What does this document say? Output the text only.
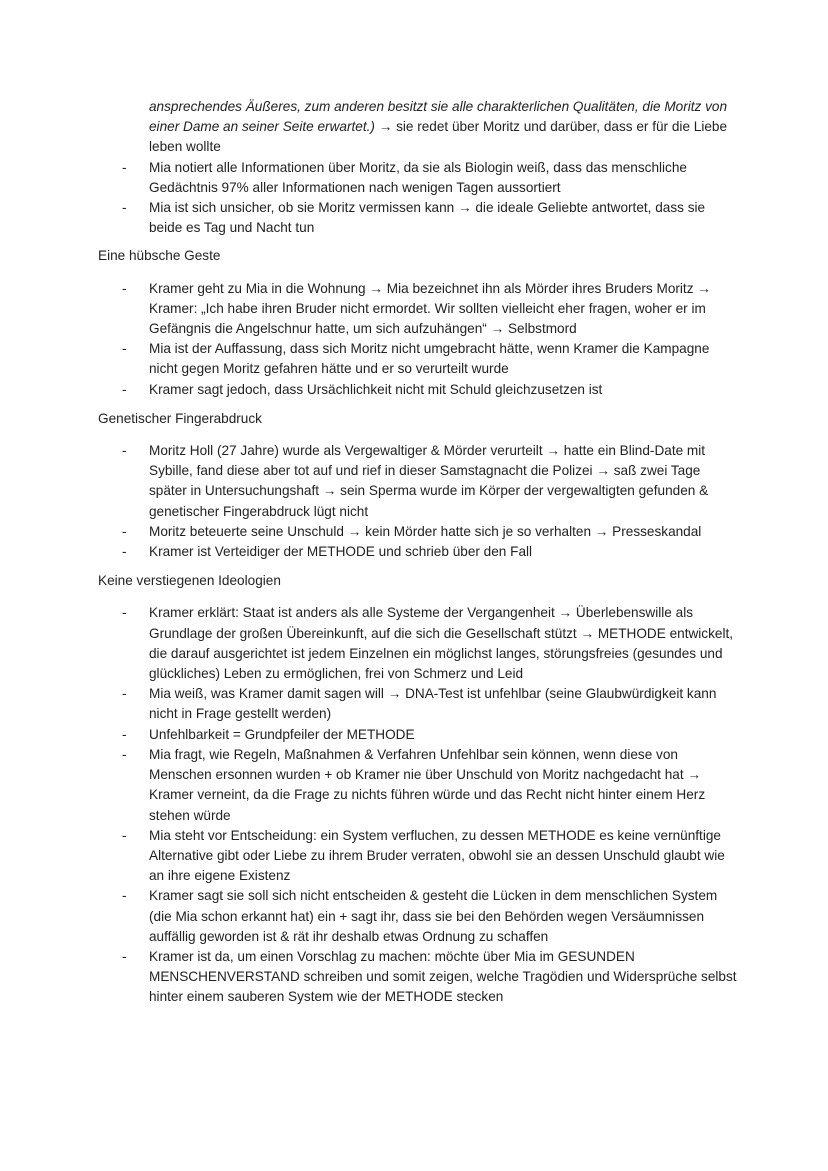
ansprechendes Äußeres, zum anderen besitzt sie alle charakterlichen Qualitäten, die Moritz von einer Dame an seiner Seite erwartet.) → sie redet über Moritz und darüber, dass er für die Liebe leben wollte
- Mia notiert alle Informationen über Moritz, da sie als Biologin weiß, dass das menschliche Gedächtnis 97% aller Informationen nach wenigen Tagen aussortiert
- Mia ist sich unsicher, ob sie Moritz vermissen kann → die ideale Geliebte antwortet, dass sie beide es Tag und Nacht tun
Eine hübsche Geste
- Kramer geht zu Mia in die Wohnung → Mia bezeichnet ihn als Mörder ihres Bruders Moritz → Kramer: „Ich habe ihren Bruder nicht ermordet. Wir sollten vielleicht eher fragen, woher er im Gefängnis die Angelschnur hatte, um sich aufzuhängen“ → Selbstmord
- Mia ist der Auffassung, dass sich Moritz nicht umgebracht hätte, wenn Kramer die Kampagne nicht gegen Moritz gefahren hätte und er so verurteilt wurde
- Kramer sagt jedoch, dass Ursächlichkeit nicht mit Schuld gleichzusetzen ist
Genetischer Fingerabdruck
- Moritz Holl (27 Jahre) wurde als Vergewaltiger & Mörder verurteilt → hatte ein Blind-Date mit Sybille, fand diese aber tot auf und rief in dieser Samstagnacht die Polizei → saß zwei Tage später in Untersuchungshaft → sein Sperma wurde im Körper der vergewaltigten gefunden & genetischer Fingerabdruck lügt nicht
- Moritz beteuerte seine Unschuld → kein Mörder hatte sich je so verhalten → Presseskandal
- Kramer ist Verteidiger der METHODE und schrieb über den Fall
Keine verstiegenen Ideologien
- Kramer erklärt: Staat ist anders als alle Systeme der Vergangenheit → Überlebenswille als Grundlage der großen Übereinkunft, auf die sich die Gesellschaft stützt → METHODE entwickelt, die darauf ausgerichtet ist jedem Einzelnen ein möglichst langes, störungsfreies (gesundes und glückliches) Leben zu ermöglichen, frei von Schmerz und Leid
- Mia weiß, was Kramer damit sagen will → DNA-Test ist unfehlbar (seine Glaubwürdigkeit kann nicht in Frage gestellt werden)
- Unfehlbarkeit = Grundpfeiler der METHODE
- Mia fragt, wie Regeln, Maßnahmen & Verfahren Unfehlbar sein können, wenn diese von Menschen ersonnen wurden + ob Kramer nie über Unschuld von Moritz nachgedacht hat → Kramer verneint, da die Frage zu nichts führen würde und das Recht nicht hinter einem Herz stehen würde
- Mia steht vor Entscheidung: ein System verfluchen, zu dessen METHODE es keine vernünftige Alternative gibt oder Liebe zu ihrem Bruder verraten, obwohl sie an dessen Unschuld glaubt wie an ihre eigene Existenz
- Kramer sagt sie soll sich nicht entscheiden & gesteht die Lücken in dem menschlichen System (die Mia schon erkannt hat) ein + sagt ihr, dass sie bei den Behörden wegen Versäumnissen auffällig geworden ist & rät ihr deshalb etwas Ordnung zu schaffen
- Kramer ist da, um einen Vorschlag zu machen: möchte über Mia im GESUNDEN MENSCHENVERSTAND schreiben und somit zeigen, welche Tragödien und Widersprüche selbst hinter einem sauberen System wie der METHODE stecken
